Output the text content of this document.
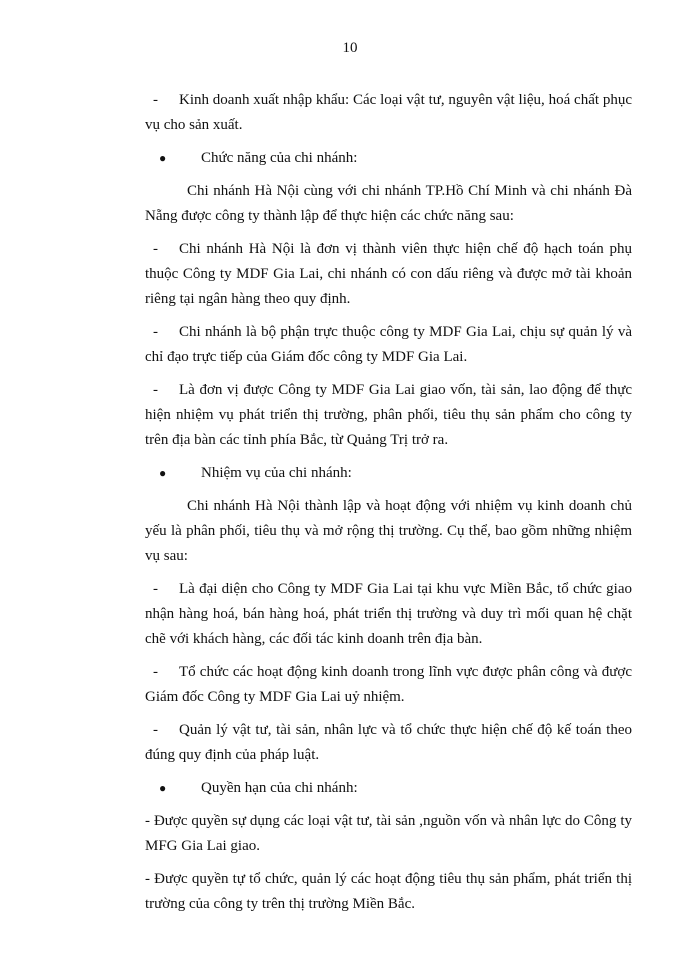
10
- Kinh doanh xuất nhập khẩu: Các loại vật tư, nguyên vật liệu, hoá chất phục vụ cho sản xuất.
● Chức năng của chi nhánh:
Chi nhánh Hà Nội cùng với chi nhánh TP.Hồ Chí Minh và chi nhánh Đà Nẵng được công ty thành lập để thực hiện các chức năng sau:
- Chi nhánh Hà Nội là đơn vị thành viên thực hiện chế độ hạch toán phụ thuộc Công ty MDF Gia Lai, chi nhánh có con dấu riêng và được mở tài khoản riêng tại ngân hàng theo quy định.
- Chi nhánh là bộ phận trực thuộc công ty MDF Gia Lai, chịu sự quản lý và chỉ đạo trực tiếp của Giám đốc công ty MDF Gia Lai.
- Là đơn vị được Công ty MDF Gia Lai giao vốn, tài sản, lao động để thực hiện nhiệm vụ phát triển thị trường, phân phối, tiêu thụ sản phẩm cho công ty trên địa bàn các tỉnh phía Bắc, từ Quảng Trị trở ra.
● Nhiệm vụ của chi nhánh:
Chi nhánh Hà Nội thành lập và hoạt động với nhiệm vụ kinh doanh chủ yếu là phân phối, tiêu thụ và mở rộng thị trường. Cụ thể, bao gồm những nhiệm vụ sau:
- Là đại diện cho Công ty MDF Gia Lai tại khu vực Miền Bắc, tổ chức giao nhận hàng hoá, bán hàng hoá, phát triển thị trường và duy trì mối quan hệ chặt chẽ với khách hàng, các đối tác kinh doanh trên địa bàn.
- Tổ chức các hoạt động kinh doanh trong lĩnh vực được phân công và được Giám đốc Công ty MDF Gia Lai uỷ nhiệm.
- Quản lý vật tư, tài sản, nhân lực và tổ chức thực hiện chế độ kế toán theo đúng quy định của pháp luật.
● Quyền hạn của chi nhánh:
- Được quyền sự dụng các loại vật tư, tài sản ,nguồn vốn và nhân lực do Công ty MFG Gia Lai giao.
- Được quyền tự tổ chức, quản lý các hoạt động tiêu thụ sản phẩm, phát triển thị trường của công ty trên thị trường Miền Bắc.
